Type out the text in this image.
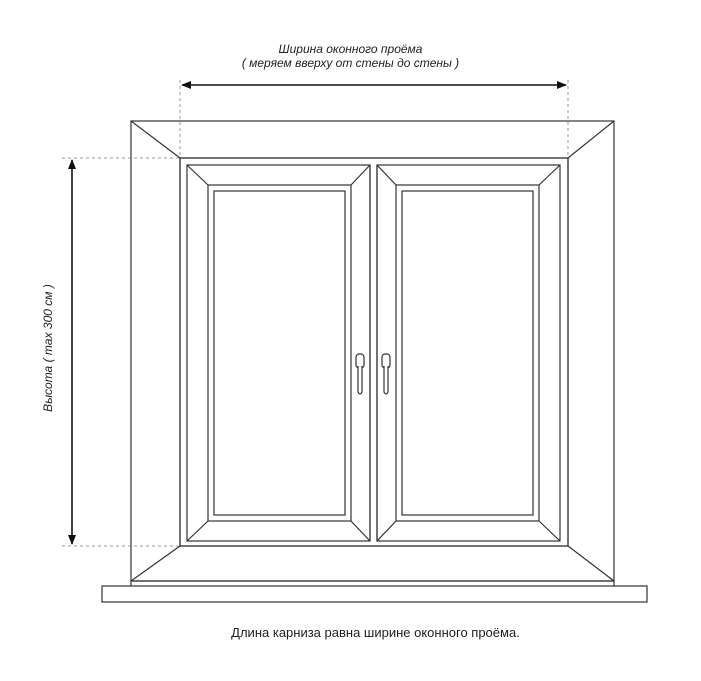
Ширина оконного проёма
( меряем вверху от стены до стены )
Высота ( max 300 см )
Длина карниза равна ширине оконного проёма.
